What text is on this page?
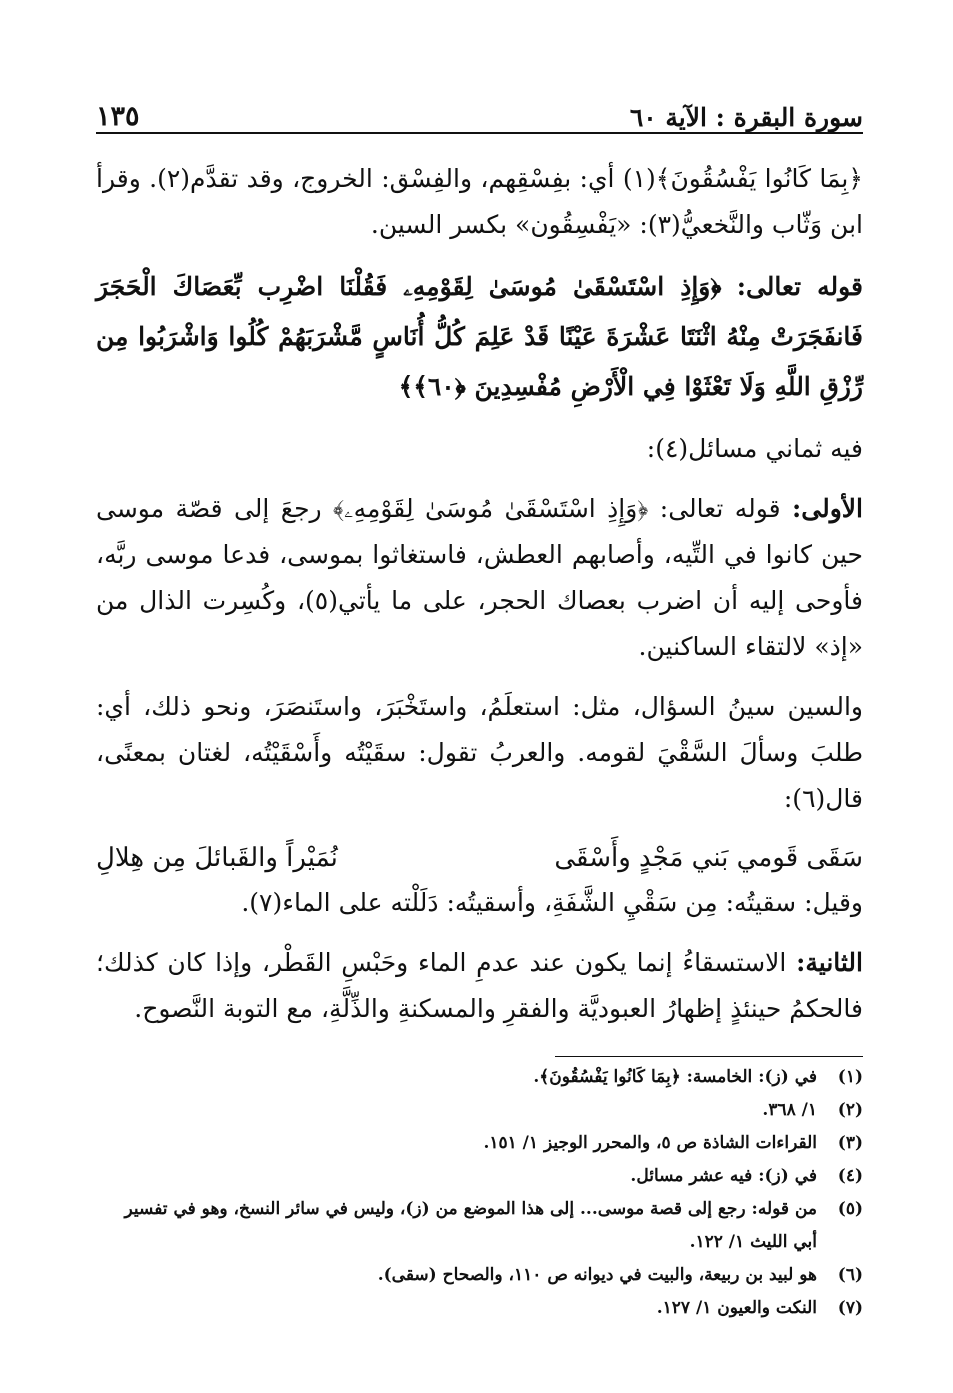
سورة البقرة : الآية ٦٠
١٣٥

﴿بِمَا كَانُوا يَفْسُقُونَ﴾(١) أي: بفِسْقِهم، والفِسْق: الخروج، وقد تقدَّم(٢). وقرأ ابن وَثّاب والنَّخعيُّ(٣): «يَفْسِقُون» بكسر السين.

قوله تعالى: ﴿وَإِذِ اسْتَسْقَىٰ مُوسَىٰ لِقَوْمِهِۦ فَقُلْنَا اضْرِب بِّعَصَاكَ الْحَجَرَ فَانفَجَرَتْ مِنْهُ اثْنَتَا عَشْرَةَ عَيْنًا قَدْ عَلِمَ كُلُّ أُنَاسٍ مَّشْرَبَهُمْ كُلُوا وَاشْرَبُوا مِن رِّزْقِ اللَّهِ وَلَا تَعْثَوْا فِي الْأَرْضِ مُفْسِدِينَ ﴿٦٠﴾﴾

فيه ثماني مسائل(٤):

الأولى: قوله تعالى: ﴿وَإِذِ اسْتَسْقَىٰ مُوسَىٰ لِقَوْمِهِۦ﴾ رجعَ إلى قصّة موسى حين كانوا في التِّيه، وأصابهم العطش، فاستغاثوا بموسى، فدعا موسى ربَّه، فأوحى إليه أن اضرب بعصاك الحجر، على ما يأتي(٥)، وكُسِرت الذال من «إذ» لالتقاء الساكنين.

والسين سينُ السؤال، مثل: استعلَمُ، واستَخْبَرَ، واستَنصَرَ، ونحو ذلك، أي: طلبَ وسألَ السَّقْيَ لقومه. والعربُ تقول: سقَيْتُه وأَسْقَيْتُه، لغتان بمعنًى، قال(٦):

سَقَى قَومي بَني مَجْدٍ وأَسْقَى
نُمَيْراً والقَبائلَ مِن هِلالِ

وقيل: سقيتُه: مِن سَقْيِ الشَّفَةِ، وأسقيتُه: دَلَلْته على الماء(٧).

الثانية: الاستسقاءُ إنما يكون عند عدمِ الماء وحَبْسِ القَطْر، وإذا كان كذلك؛ فالحكمُ حينئذٍ إظهارُ العبوديَّة والفقرِ والمسكنةِ والذِّلَّةِ، مع التوبة النَّصوح.

(١)
في (ز): الخامسة: ﴿بِمَا كَانُوا يَفْسُقُونَ﴾.
(٢)
١/ ٣٦٨.
(٣)
القراءات الشاذة ص ٥، والمحرر الوجيز ١/ ١٥١.
(٤)
في (ز): فيه عشر مسائل.
(٥)
من قوله: رجع إلى قصة موسى... إلى هذا الموضع من (ز)، وليس في سائر النسخ، وهو في تفسير أبي الليث ١/ ١٢٢.
(٦)
هو لبيد بن ربيعة، والبيت في ديوانه ص ١١٠، والصحاح (سقى).
(٧)
النكت والعيون ١/ ١٢٧.
